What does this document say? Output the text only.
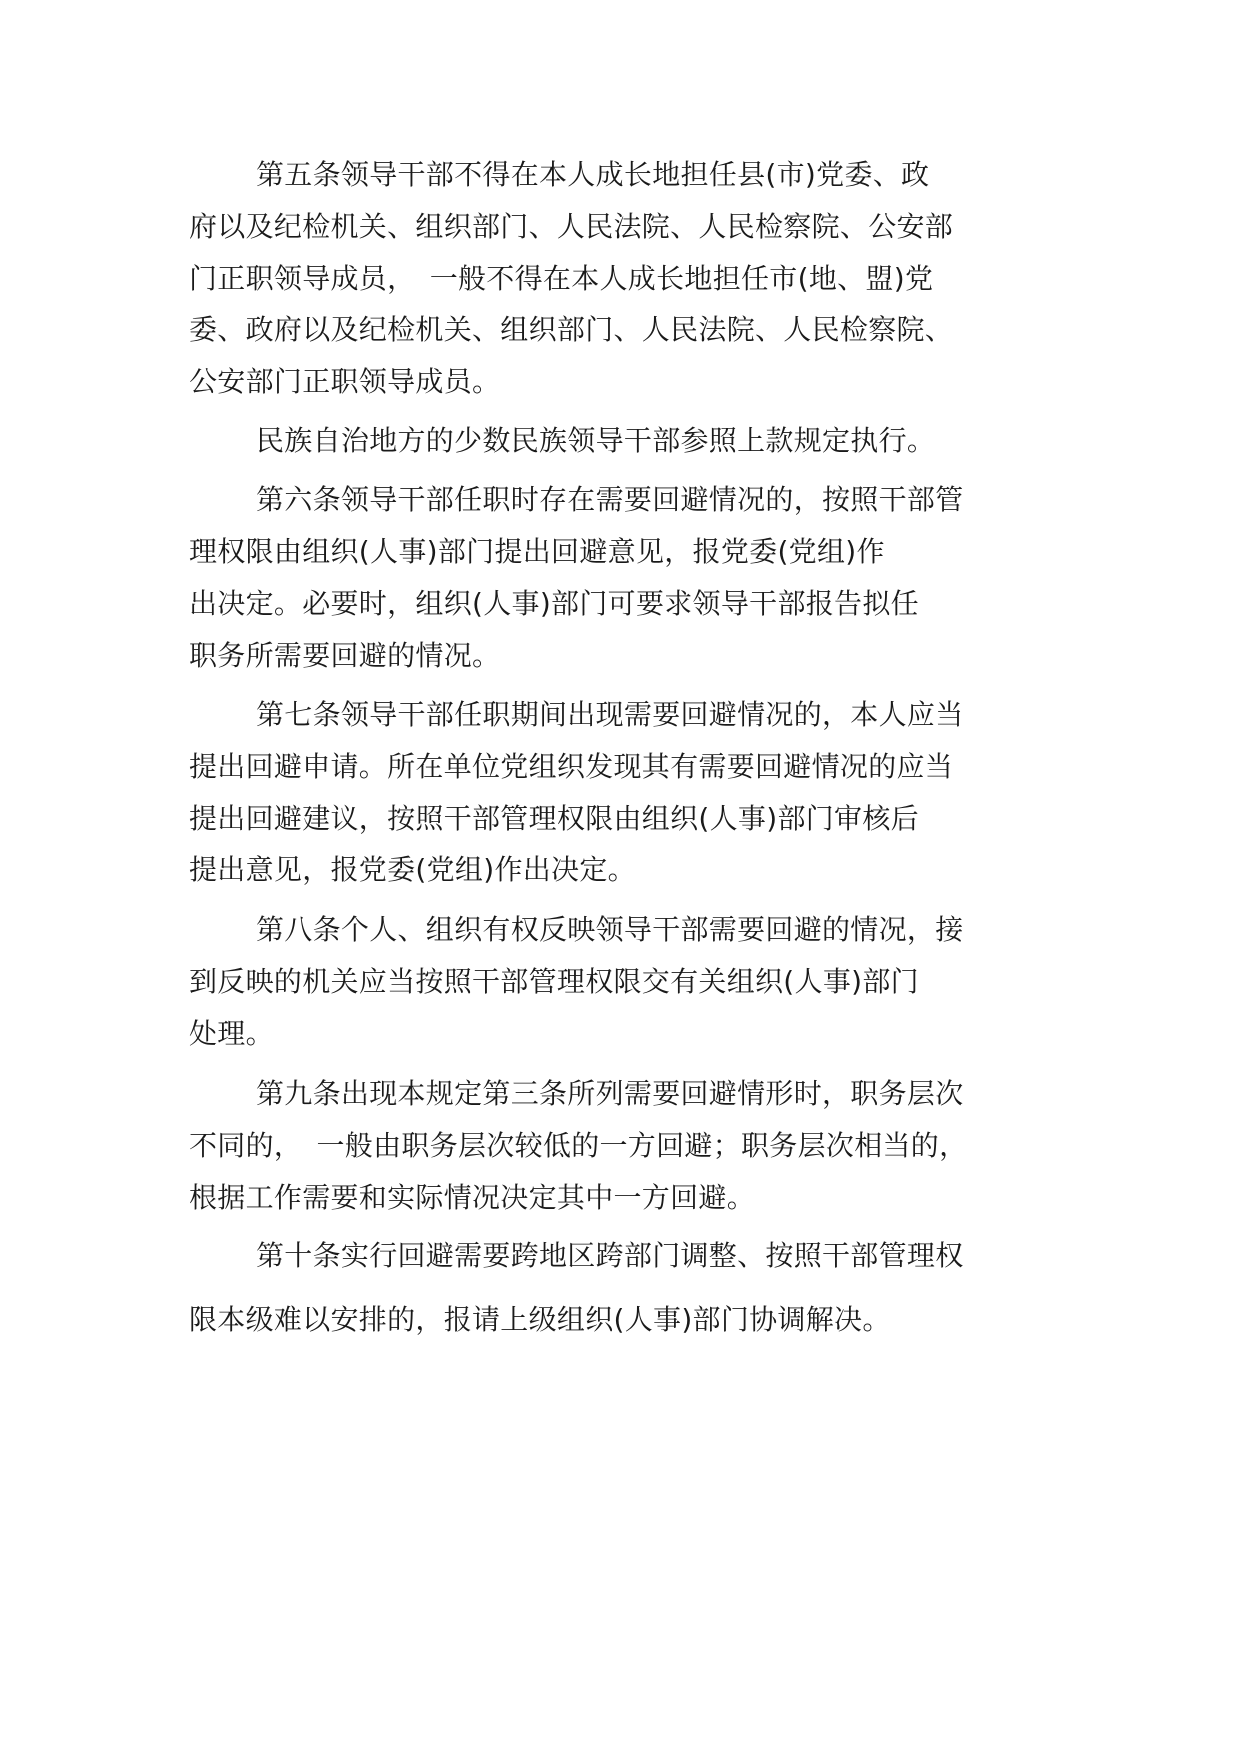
第五条领导干部不得在本人成长地担任县(市)党委、政
府以及纪检机关、组织部门、人民法院、人民检察院、公安部
门正职领导成员，　一般不得在本人成长地担任市(地、盟)党
委、政府以及纪检机关、组织部门、人民法院、人民检察院、
公安部门正职领导成员。
民族自治地方的少数民族领导干部参照上款规定执行。
第六条领导干部任职时存在需要回避情况的，按照干部管
理权限由组织(人事)部门提出回避意见，报党委(党组)作
出决定。必要时，组织(人事)部门可要求领导干部报告拟任
职务所需要回避的情况。
第七条领导干部任职期间出现需要回避情况的，本人应当
提出回避申请。所在单位党组织发现其有需要回避情况的应当
提出回避建议，按照干部管理权限由组织(人事)部门审核后
提出意见，报党委(党组)作出决定。
第八条个人、组织有权反映领导干部需要回避的情况，接
到反映的机关应当按照干部管理权限交有关组织(人事)部门
处理。
第九条出现本规定第三条所列需要回避情形时，职务层次
不同的，　一般由职务层次较低的一方回避；职务层次相当的，
根据工作需要和实际情况决定其中一方回避。
第十条实行回避需要跨地区跨部门调整、按照干部管理权
限本级难以安排的，报请上级组织(人事)部门协调解决。
